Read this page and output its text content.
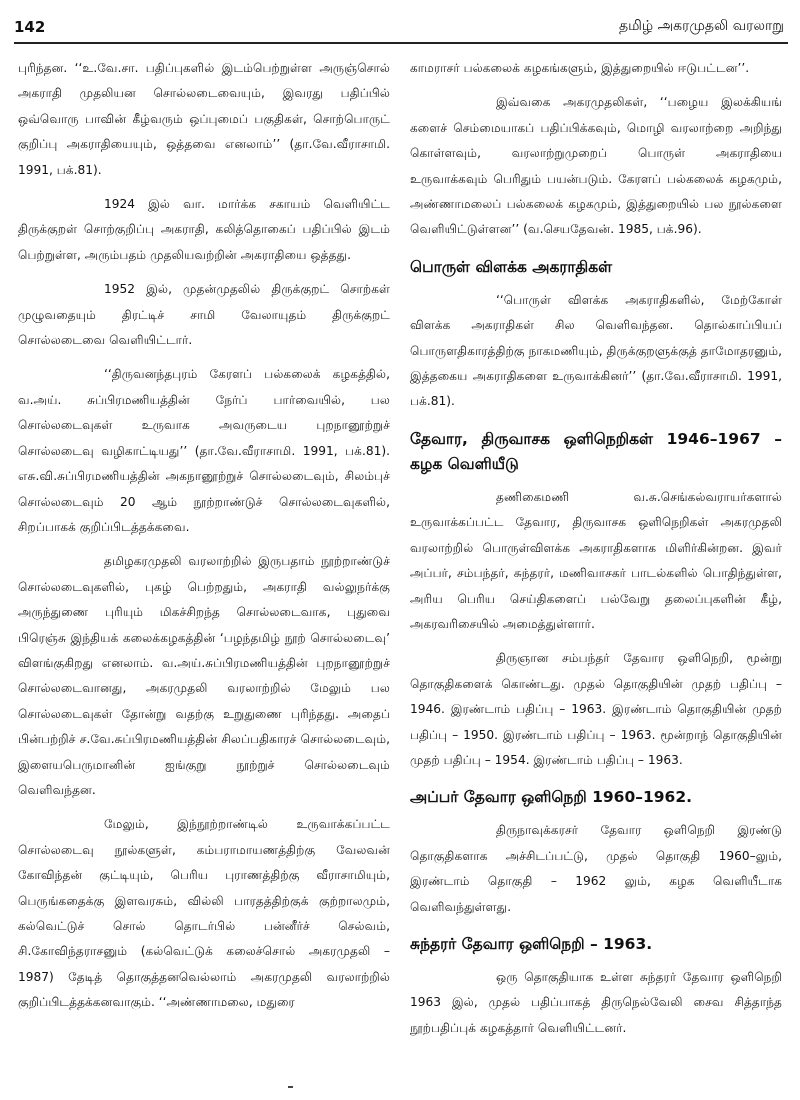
142	தமிழ் அகரமுதலி வரலாறு

புரிந்தன. ‘‘உ.வே.சா. பதிப்புகளில் இடம்பெற்றுள்ள அருஞ்சொல் அகராதி முதலியன சொல்லடைவையும், இவரது பதிப்பில் ஒவ்வொரு பாவின் கீழ்வரும் ஒப்புமைப் பகுதிகள், சொற்பொருட் குறிப்பு அகராதியையும், ஒத்தவை எனலாம்’’ (தா.வே.வீராசாமி. 1991, பக்.81).

1924 இல் வா. மார்க்க சகாயம் வெளியிட்ட திருக்குறள் சொற்குறிப்பு அகராதி, கலித்தொகைப் பதிப்பில் இடம் பெற்றுள்ள, அரும்பதம் முதலியவற்றின் அகராதியை ஒத்தது.

1952 இல், முதன்முதலில் திருக்குறட் சொற்கள் முழுவதையும் திரட்டிச் சாமி வேலாயுதம் திருக்குறட் சொல்லடைவை வெளியிட்டார்.

‘‘திருவனந்தபுரம் கேரளப் பல்கலைக் கழகத்தில், வ.அய். சுப்பிரமணியத்தின் நேர்ப் பார்வையில், பல சொல்லடைவுகள் உருவாக அவருடைய புறநானூற்றுச் சொல்லடைவு வழிகாட்டியது’’ (தா.வே.வீராசாமி. 1991, பக்.81). எசு.வி.சுப்பிரமணியத்தின் அகநானூற்றுச் சொல்லடைவும், சிலம்புச் சொல்லடைவும் 20 ஆம் நூற்றாண்டுச் சொல்லடைவுகளில், சிறப்பாகக் குறிப்பிடத்தக்கவை.

தமிழகரமுதலி வரலாற்றில் இருபதாம் நூற்றாண்டுச் சொல்லடைவுகளில், புகழ் பெற்றதும், அகராதி வல்லுநர்க்கு அருந்துணை புரியும் மிகச்சிறந்த சொல்லடைவாக, புதுவை பிரெஞ்சு இந்தியக் கலைக்கழகத்தின் ‘பழந்தமிழ் நூற் சொல்லடைவு’ விளங்குகிறது எனலாம். வ.அய்.சுப்பிரமணியத்தின் புறநானூற்றுச் சொல்லடைவானது, அகரமுதலி வரலாற்றில் மேலும் பல சொல்லடைவுகள் தோன்று வதற்கு உறுதுணை புரிந்தது. அதைப் பின்பற்றிச் ச.வே.சுப்பிரமணியத்தின் சிலப்பதிகாரச் சொல்லடைவும், இளையபெருமானின் ஐங்குறு நூற்றுச் சொல்லடைவும் வெளிவந்தன.

மேலும், இந்நூற்றாண்டில் உருவாக்கப்பட்ட சொல்லடைவு நூல்களுள், கம்பராமாயணத்திற்கு வேலவன் கோவிந்தன் குட்டியும், பெரிய புராணத்திற்கு வீராசாமியும், பெருங்கதைக்கு இளவரசும், வில்லி பாரதத்திற்குக் குற்றாலமும், கல்வெட்டுச் சொல் தொடர்பில் பன்னீர்ச் செல்வம், சி.கோவிந்தராசனும் (கல்வெட்டுக் கலைச்சொல் அகரமுதலி – 1987) தேடித் தொகுத்தனவெல்லாம் அகரமுதலி வரலாற்றில் குறிப்பிடத்தக்கனவாகும். ‘‘அண்ணாமலை, மதுரை

காமராசர் பல்கலைக் கழகங்களும், இத்துறையில் ஈடுபட்டன’’.

இவ்வகை அகரமுதலிகள், ‘‘பழைய இலக்கியங் களைச் செம்மையாகப் பதிப்பிக்கவும், மொழி வரலாற்றை அறிந்து கொள்ளவும், வரலாற்றுமுறைப் பொருள் அகராதியை உருவாக்கவும் பெரிதும் பயன்படும். கேரளப் பல்கலைக் கழகமும், அண்ணாமலைப் பல்கலைக் கழகமும், இத்துறையில் பல நூல்களை வெளியிட்டுள்ளன’’ (வ.செயதேவன். 1985, பக்.96).

பொருள் விளக்க அகராதிகள்

‘‘பொருள் விளக்க அகராதிகளில், மேற்கோள் விளக்க அகராதிகள் சில வெளிவந்தன. தொல்காப்பியப் பொருளதிகாரத்திற்கு நாகமணியும், திருக்குறளுக்குத் தாமோதரனும், இத்தகைய அகராதிகளை உருவாக்கினர்’’ (தா.வே.வீராசாமி. 1991, பக்.81).

தேவார, திருவாசக ஒளிநெறிகள் 1946–1967 – கழக வெளியீடு

தணிகைமணி வ.சு.செங்கல்வராயர்களால் உருவாக்கப்பட்ட தேவார, திருவாசக ஒளிநெறிகள் அகரமுதலி வரலாற்றில் பொருள்விளக்க அகராதிகளாக மிளிர்கின்றன. இவர் அப்பர், சம்பந்தர், சுந்தரர், மணிவாசகர் பாடல்களில் பொதிந்துள்ள, அரிய பெரிய செய்திகளைப் பல்வேறு தலைப்புகளின் கீழ், அகரவரிசையில் அமைத்துள்ளார்.

திருஞான சம்பந்தர் தேவார ஒளிநெறி, மூன்று தொகுதிகளைக் கொண்டது. முதல் தொகுதியின் முதற் பதிப்பு – 1946. இரண்டாம் பதிப்பு – 1963. இரண்டாம் தொகுதியின் முதற் பதிப்பு – 1950. இரண்டாம் பதிப்பு – 1963. மூன்றாந் தொகுதியின் முதற் பதிப்பு – 1954. இரண்டாம் பதிப்பு – 1963.

அப்பர் தேவார ஒளிநெறி 1960–1962.

திருநாவுக்கரசர் தேவார ஒளிநெறி இரண்டு தொகுதிகளாக அச்சிடப்பட்டு, முதல் தொகுதி 1960–லும், இரண்டாம் தொகுதி – 1962 லும், கழக வெளியீடாக வெளிவந்துள்ளது.

சுந்தரர் தேவார ஒளிநெறி – 1963.

ஒரு தொகுதியாக உள்ள சுந்தரர் தேவார ஒளிநெறி 1963 இல், முதல் பதிப்பாகத் திருநெல்வேலி சைவ சித்தாந்த நூற்பதிப்புக் கழகத்தார் வெளியிட்டனர்.
